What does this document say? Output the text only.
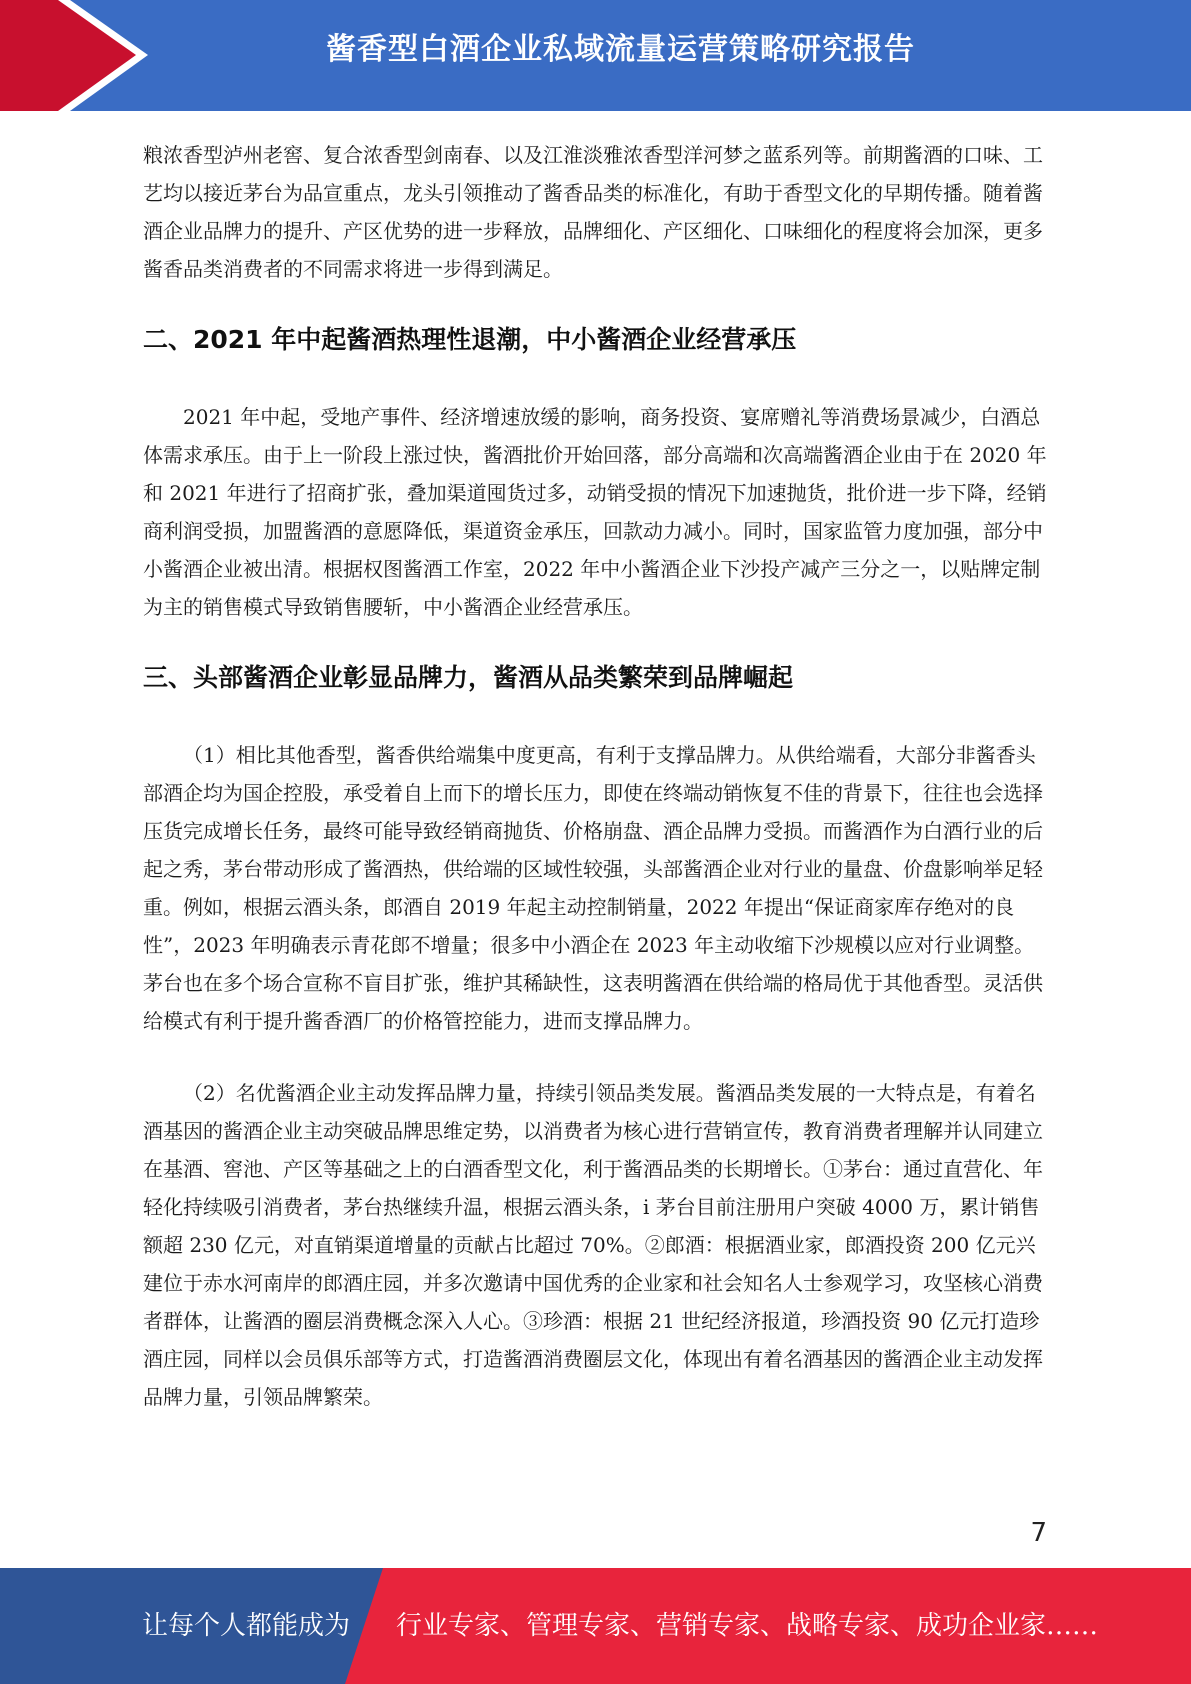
酱香型白酒企业私域流量运营策略研究报告

粮浓香型泸州老窖、复合浓香型剑南春、以及江淮淡雅浓香型洋河梦之蓝系列等。前期酱酒的口味、工艺均以接近茅台为品宣重点，龙头引领推动了酱香品类的标准化，有助于香型文化的早期传播。随着酱酒企业品牌力的提升、产区优势的进一步释放，品牌细化、产区细化、口味细化的程度将会加深，更多酱香品类消费者的不同需求将进一步得到满足。

二、2021 年中起酱酒热理性退潮，中小酱酒企业经营承压

2021 年中起，受地产事件、经济增速放缓的影响，商务投资、宴席赠礼等消费场景减少，白酒总体需求承压。由于上一阶段上涨过快，酱酒批价开始回落，部分高端和次高端酱酒企业由于在 2020 年和 2021 年进行了招商扩张，叠加渠道囤货过多，动销受损的情况下加速抛货，批价进一步下降，经销商利润受损，加盟酱酒的意愿降低，渠道资金承压，回款动力减小。同时，国家监管力度加强，部分中小酱酒企业被出清。根据权图酱酒工作室，2022 年中小酱酒企业下沙投产减产三分之一，以贴牌定制为主的销售模式导致销售腰斩，中小酱酒企业经营承压。

三、头部酱酒企业彰显品牌力，酱酒从品类繁荣到品牌崛起

（1）相比其他香型，酱香供给端集中度更高，有利于支撑品牌力。从供给端看，大部分非酱香头部酒企均为国企控股，承受着自上而下的增长压力，即使在终端动销恢复不佳的背景下，往往也会选择压货完成增长任务，最终可能导致经销商抛货、价格崩盘、酒企品牌力受损。而酱酒作为白酒行业的后起之秀，茅台带动形成了酱酒热，供给端的区域性较强，头部酱酒企业对行业的量盘、价盘影响举足轻重。例如，根据云酒头条，郎酒自 2019 年起主动控制销量，2022 年提出“保证商家库存绝对的良性”，2023 年明确表示青花郎不增量；很多中小酒企在 2023 年主动收缩下沙规模以应对行业调整。茅台也在多个场合宣称不盲目扩张，维护其稀缺性，这表明酱酒在供给端的格局优于其他香型。灵活供给模式有利于提升酱香酒厂的价格管控能力，进而支撑品牌力。

（2）名优酱酒企业主动发挥品牌力量，持续引领品类发展。酱酒品类发展的一大特点是，有着名酒基因的酱酒企业主动突破品牌思维定势，以消费者为核心进行营销宣传，教育消费者理解并认同建立在基酒、窖池、产区等基础之上的白酒香型文化，利于酱酒品类的长期增长。①茅台：通过直营化、年轻化持续吸引消费者，茅台热继续升温，根据云酒头条，i 茅台目前注册用户突破 4000 万，累计销售额超 230 亿元，对直销渠道增量的贡献占比超过 70%。②郎酒：根据酒业家，郎酒投资 200 亿元兴建位于赤水河南岸的郎酒庄园，并多次邀请中国优秀的企业家和社会知名人士参观学习，攻坚核心消费者群体，让酱酒的圈层消费概念深入人心。③珍酒：根据 21 世纪经济报道，珍酒投资 90 亿元打造珍酒庄园，同样以会员俱乐部等方式，打造酱酒消费圈层文化，体现出有着名酒基因的酱酒企业主动发挥品牌力量，引领品牌繁荣。

7
让每个人都能成为 行业专家、管理专家、营销专家、战略专家、成功企业家……
